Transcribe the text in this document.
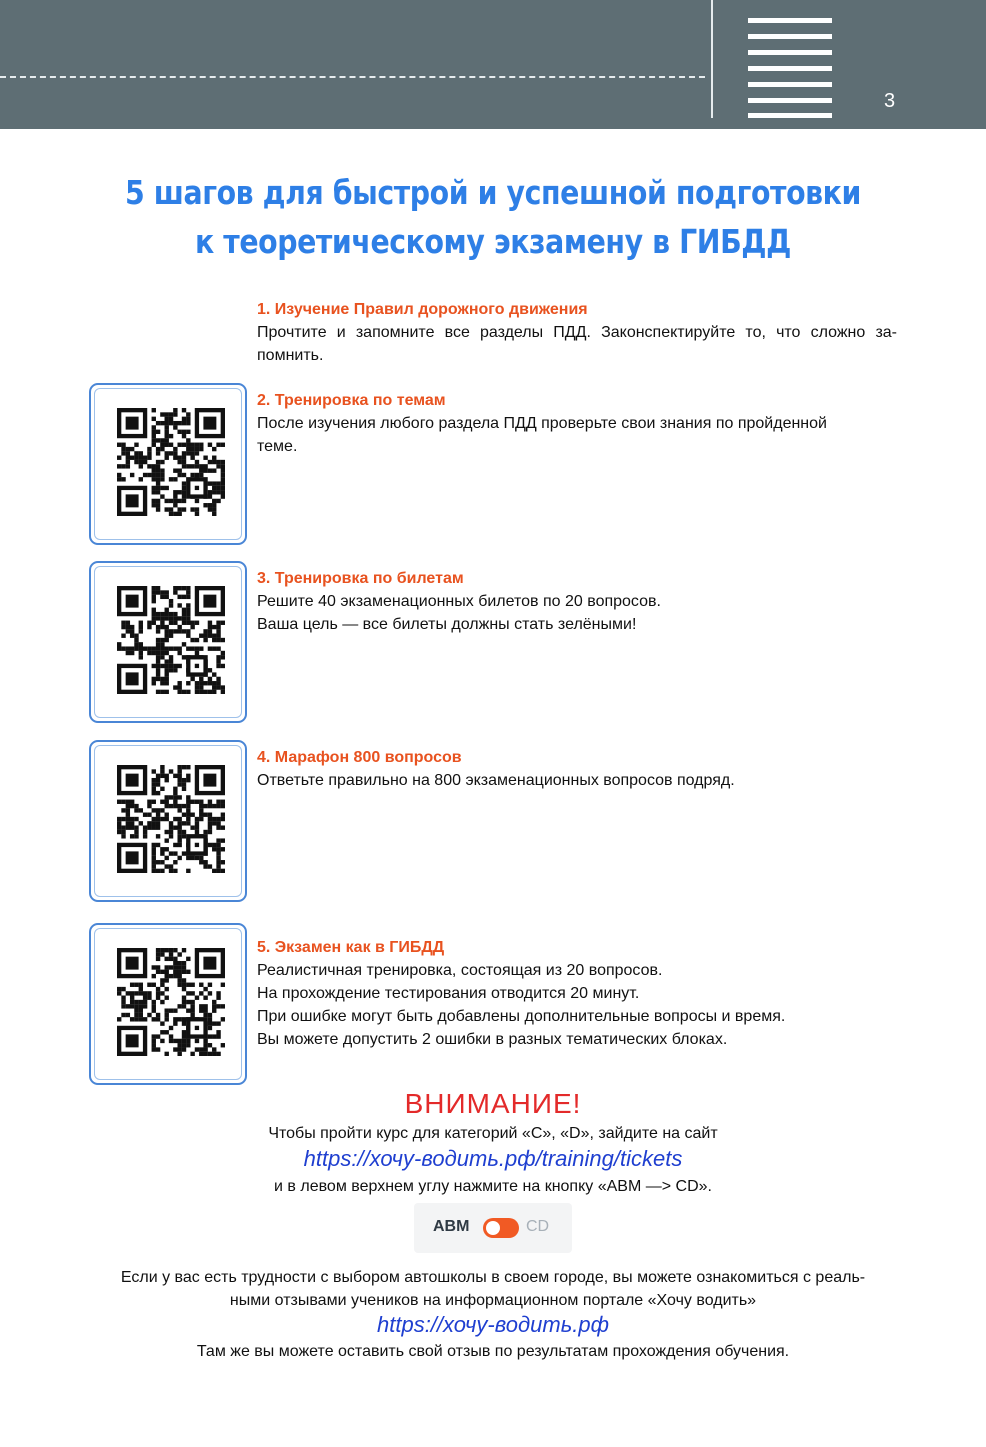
3
5 шагов для быстрой и успешной подготовки
к теоретическому экзамену в ГИБДД
1. Изучение Правил дорожного движения
Прочтите и запомните все разделы ПДД. Законспектируйте то, что сложно за-
помнить.
2. Тренировка по темам
После изучения любого раздела ПДД проверьте свои знания по пройденной
теме.
3. Тренировка по билетам
Решите 40 экзаменационных билетов по 20 вопросов.
Ваша цель — все билеты должны стать зелёными!
4. Марафон 800 вопросов
Ответьте правильно на 800 экзаменационных вопросов подряд.
5. Экзамен как в ГИБДД
Реалистичная тренировка, состоящая из 20 вопросов.
На прохождение тестирования отводится 20 минут.
При ошибке могут быть добавлены дополнительные вопросы и время.
Вы можете допустить 2 ошибки в разных тематических блоках.
ВНИМАНИЕ!
Чтобы пройти курс для категорий «С», «D», зайдите на сайт
https://хочу-водить.рф/training/tickets
и в левом верхнем углу нажмите на кнопку «АВМ —> CD».
ABM	CD
Если у вас есть трудности с выбором автошколы в своем городе, вы можете ознакомиться с реаль-
ными отзывами учеников на информационном портале «Хочу водить»
https://хочу-водить.рф
Там же вы можете оставить свой отзыв по результатам прохождения обучения.
